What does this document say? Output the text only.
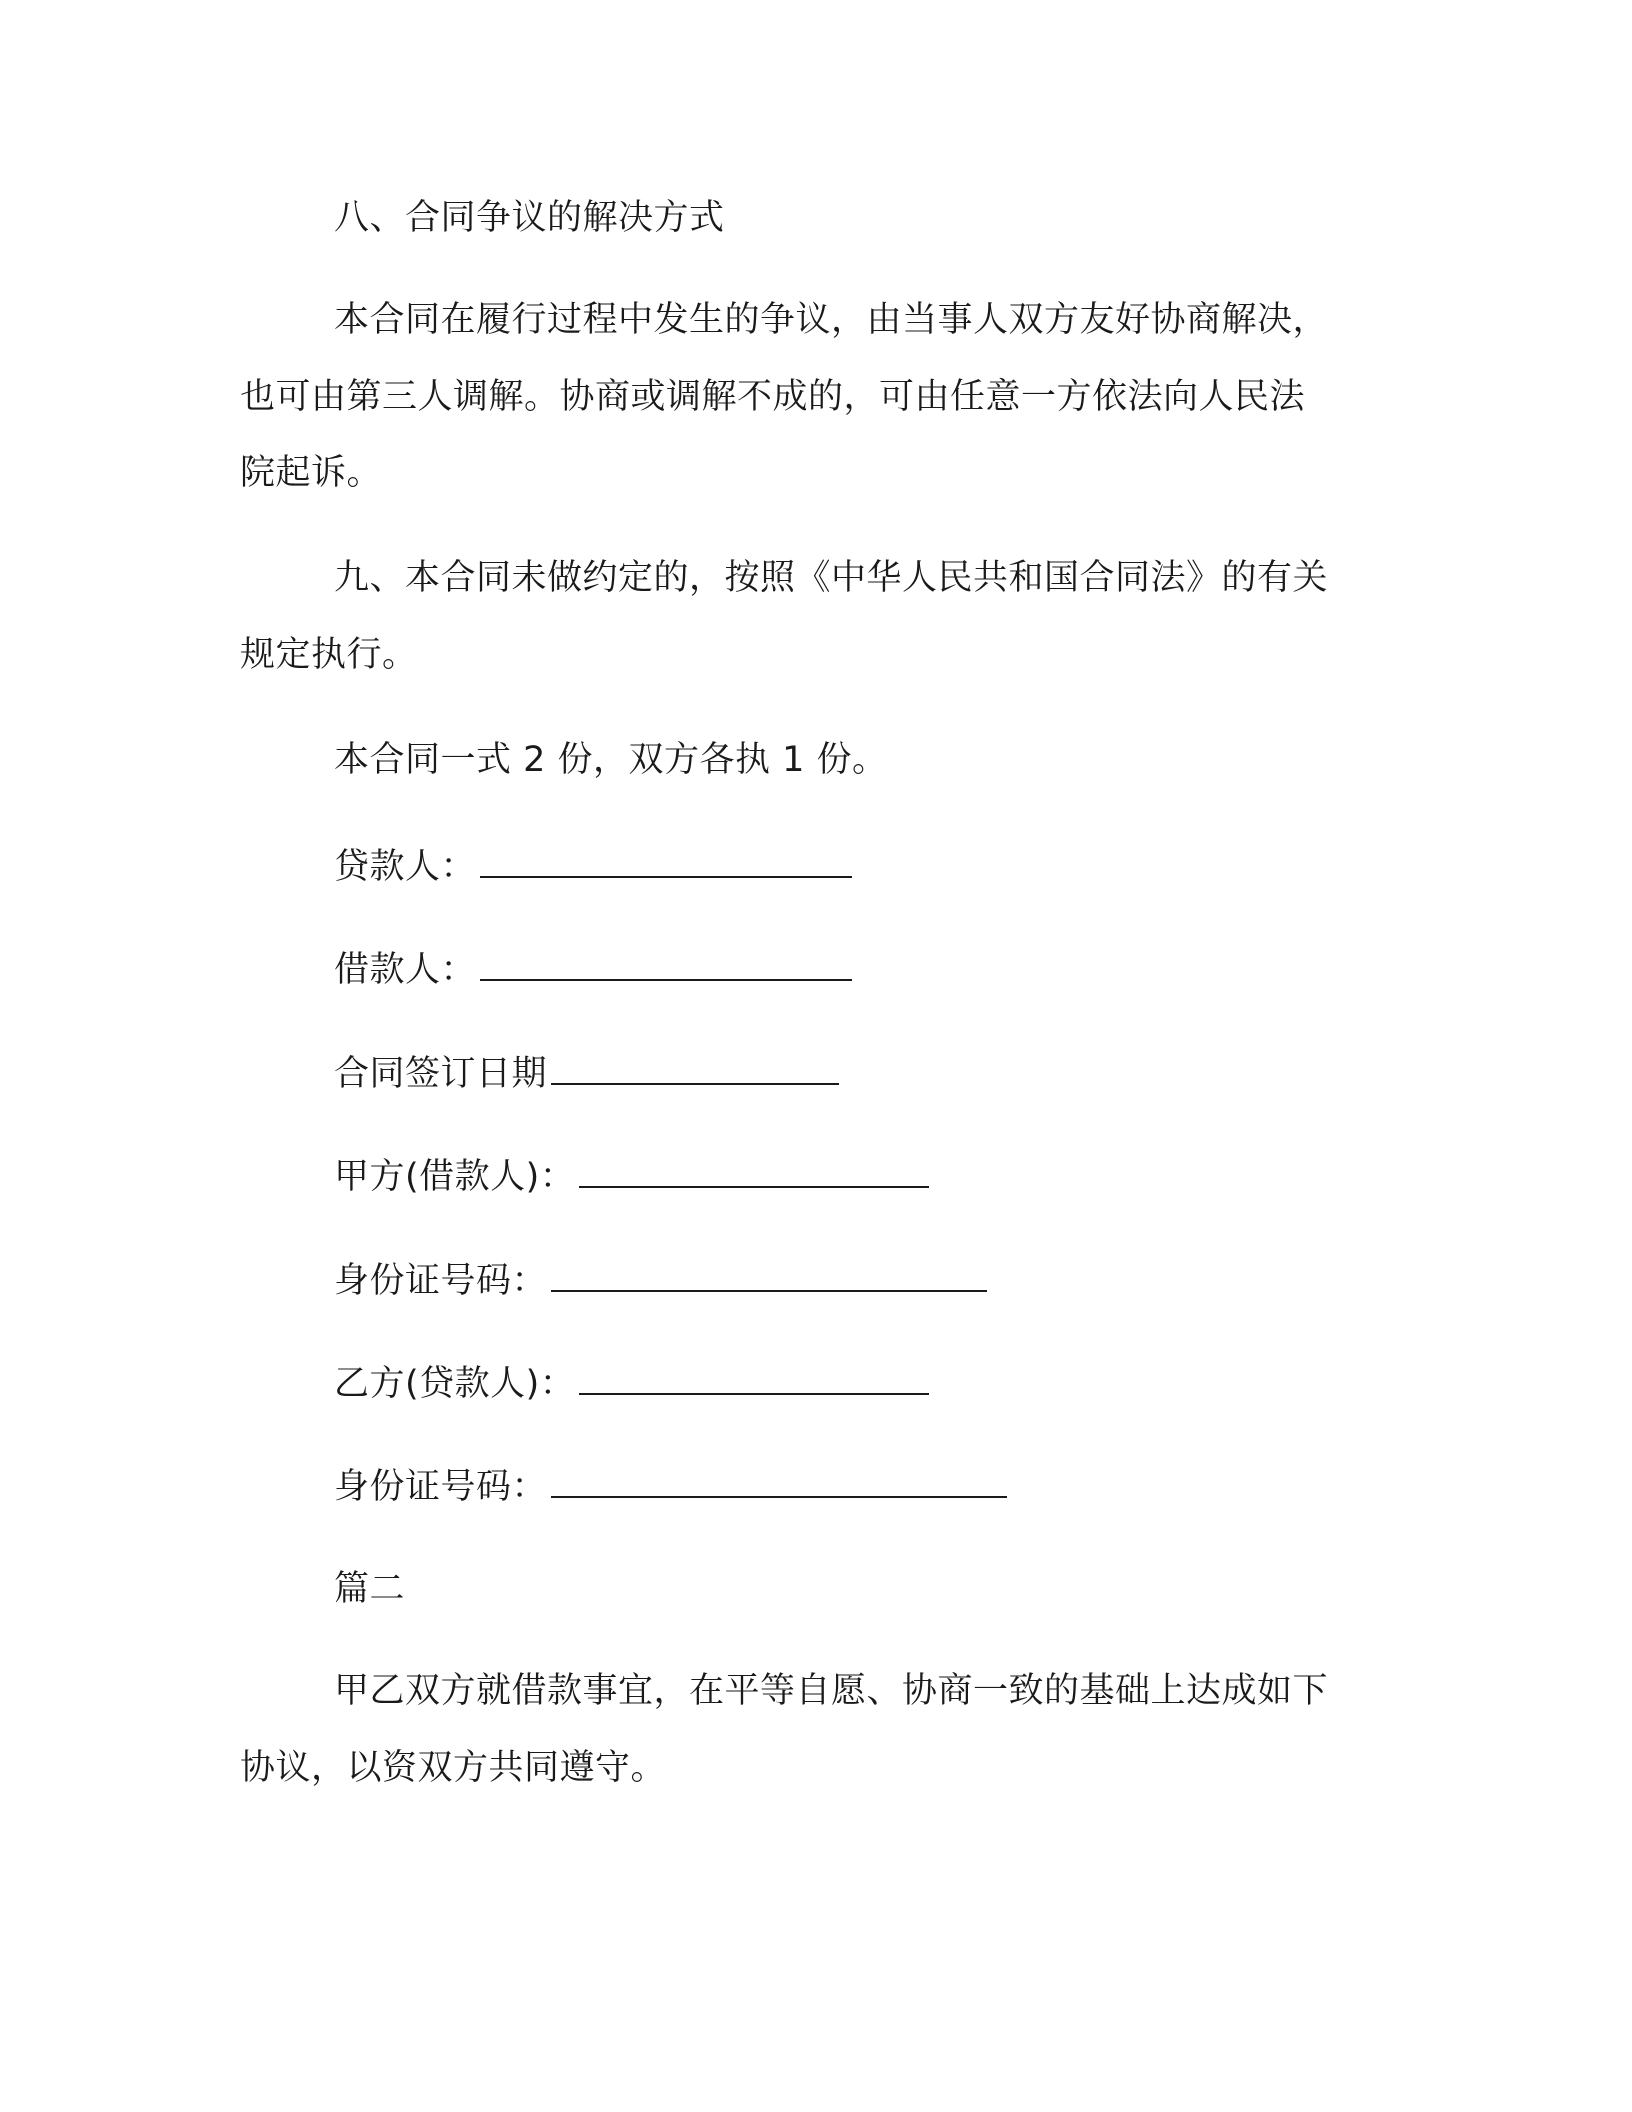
八、合同争议的解决方式
本合同在履行过程中发生的争议，由当事人双方友好协商解决，
也可由第三人调解。协商或调解不成的，可由任意一方依法向人民法
院起诉。
九、本合同未做约定的，按照《中华人民共和国合同法》的有关
规定执行。
本合同一式 2 份，双方各执 1 份。
贷款人：
借款人：
合同签订日期
甲方(借款人)：
身份证号码：
乙方(贷款人)：
身份证号码：
篇二
甲乙双方就借款事宜，在平等自愿、协商一致的基础上达成如下
协议，以资双方共同遵守。
